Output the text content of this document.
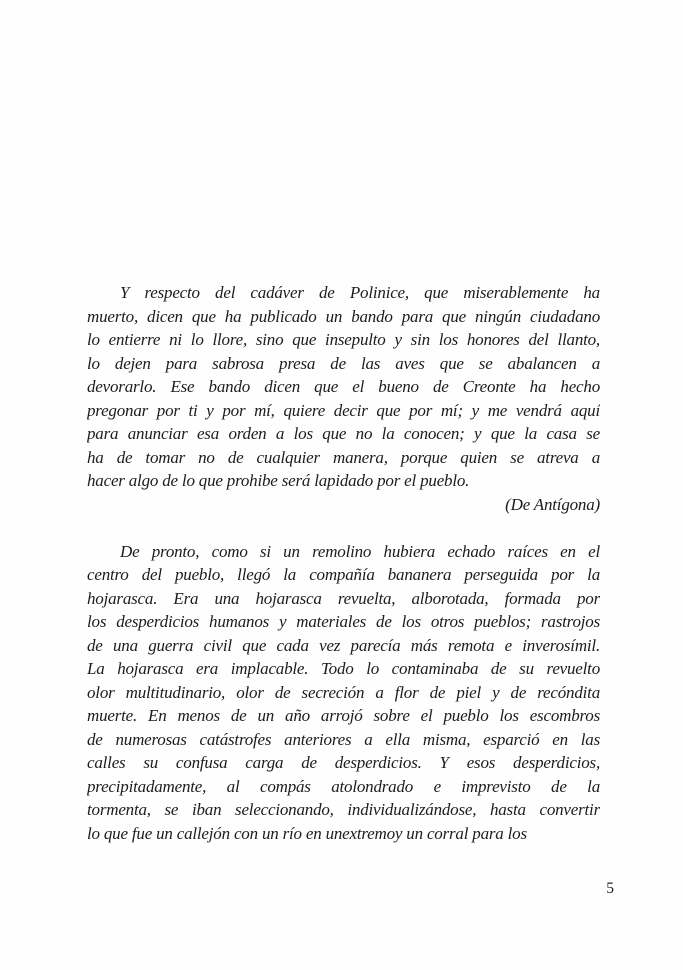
Y respecto del cadáver de Polinice, que miserablemente ha
muerto, dicen que ha publicado un bando para que ningún ciudadano
lo entierre ni lo llore, sino que insepulto y sin los honores del llanto,
lo dejen para sabrosa presa de las aves que se abalancen a
devorarlo. Ese bando dicen que el bueno de Creonte ha hecho
pregonar por ti y por mí, quiere decir que por mí; y me vendrá aquí
para anunciar esa orden a los que no la conocen; y que la casa se
ha de tomar no de cualquier manera, porque quien se atreva a
hacer algo de lo que prohibe será lapidado por el pueblo.
(De Antígona)
De pronto, como si un remolino hubiera echado raíces en el
centro del pueblo, llegó la compañía bananera perseguida por la
hojarasca. Era una hojarasca revuelta, alborotada, formada por
los desperdicios humanos y materiales de los otros pueblos; rastrojos
de una guerra civil que cada vez parecía más remota e inverosímil.
La hojarasca era implacable. Todo lo contaminaba de su revuelto
olor multitudinario, olor de secreción a flor de piel y de recóndita
muerte. En menos de un año arrojó sobre el pueblo los escombros
de numerosas catástrofes anteriores a ella misma, esparció en las
calles su confusa carga de desperdicios. Y esos desperdicios,
precipitadamente, al compás atolondrado e imprevisto de la
tormenta, se iban seleccionando, individualizándose, hasta convertir
lo que fue un callejón con un río en unextremoy un corral para los
5
